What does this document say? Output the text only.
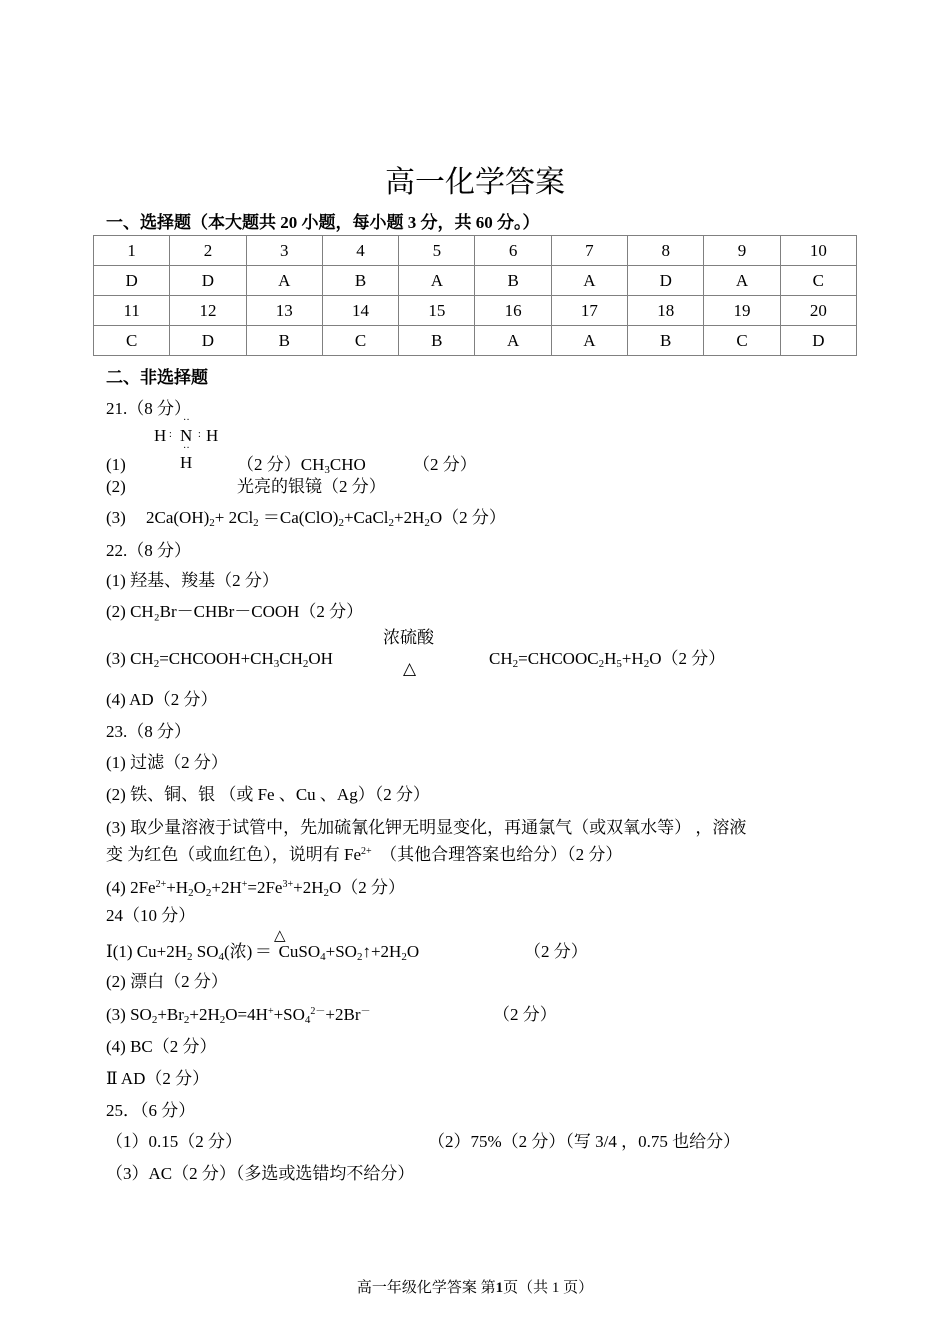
高一化学答案
一、选择题（本大题共 20 小题，每小题 3 分，共 60 分。）
1	2	3	4	5	6	7	8	9	10
D	D	A	B	A	B	A	D	A	C
11	12	13	14	15	16	17	18	19	20
C	D	B	C	B	A	A	B	C	D
二、非选择题
21.（8 分）
··
H : N : H
··
H
(1)	（2 分）$CH_3CHO$	（2 分）
(2)	光亮的银镜（2 分）
(3) $2Ca(OH)_2+ 2Cl_2$ $=Ca(ClO)_2+CaCl_2+2H_2O(2$ 分）
22.（8 分）
(1) 羟基、羧基（2 分）
(2) CH₂Br－CHBr－COOH（2 分）
浓硫酸
(3) $CH_2=CHCOOH+CH_3CH_2OH$
△
$CH_2=CHCOOC_2H_5+H_2O(2$ 分）
(4) AD（2 分）
23.（8 分）
(1) 过滤（2 分）
(2) 铁、铜、银 （或 Fe 、Cu 、Ag）（2 分）
(3) 取少量溶液于试管中，先加硫氰化钾无明显变化，再通氯气（或双氧水等） ，溶液
变 为红色（或血红色），说明有 $Fe^{2+}$ （其他合理答案也给分）（2 分）
(4) $2Fe^{2+}+H_2O_2+2H^+=2Fe^{3+}+2H_2O(2$ 分）
24（10 分）
△
Ⅰ(1) $Cu+2H_2$ $SO_4$(浓) ＝ $CuSO_4+SO_2↑+2H_2O$	（2 分）
(2) 漂白（2 分）
(3) $SO_2+Br_2+2H_2O=4H^++SO_4^{2-}+2Br^-$	（2 分）
(4) BC（2 分）
Ⅱ AD（2 分）
25．（6 分）
（1）0.15（2 分）	（2）75%（2 分）（写 3/4 ，0.75 也给分）
（3）AC（2 分）（多选或选错均不给分）
高一年级化学答案 第1页（共 1 页）
